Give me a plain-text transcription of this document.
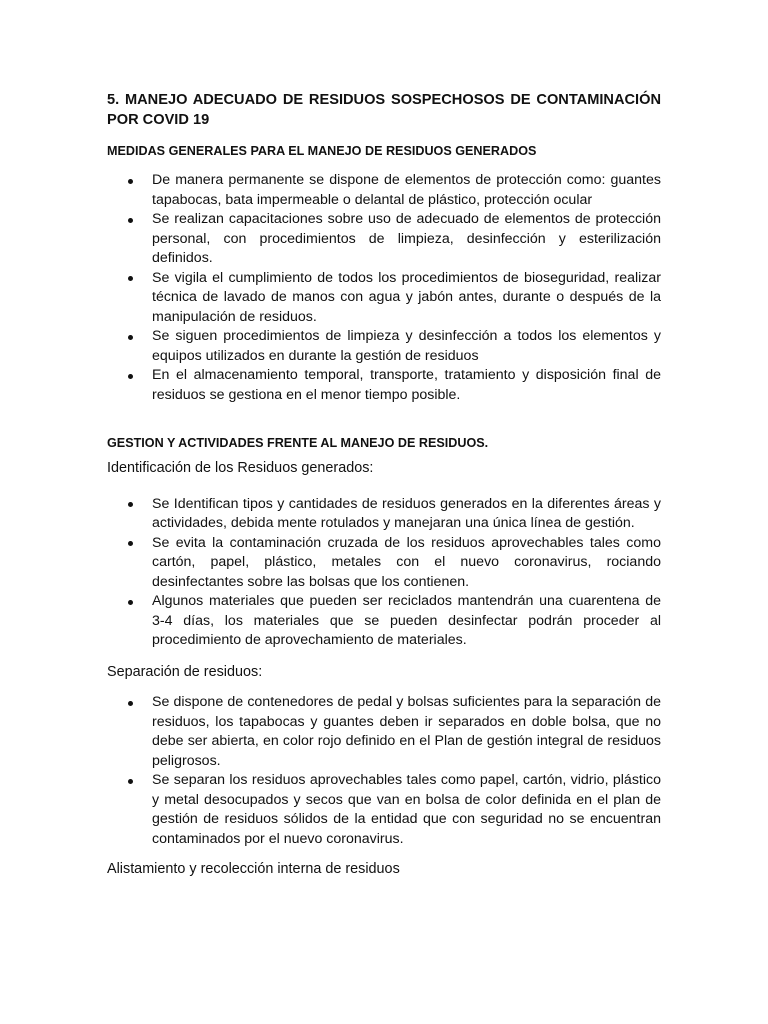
5. MANEJO ADECUADO DE RESIDUOS SOSPECHOSOS DE CONTAMINACIÓN POR COVID 19
MEDIDAS GENERALES PARA EL MANEJO DE RESIDUOS GENERADOS
De manera permanente se dispone de elementos de protección como: guantes tapabocas, bata impermeable o delantal de plástico, protección ocular
Se realizan capacitaciones sobre uso de adecuado de elementos de protección personal, con procedimientos de limpieza, desinfección y esterilización definidos.
Se vigila el cumplimiento de todos los procedimientos de bioseguridad, realizar técnica de lavado de manos con agua y jabón antes, durante o después de la manipulación de residuos.
Se siguen procedimientos de limpieza y desinfección a todos los elementos y equipos utilizados en durante la gestión de residuos
En el almacenamiento temporal, transporte, tratamiento y disposición final de residuos se gestiona en el menor tiempo posible.
GESTION Y ACTIVIDADES FRENTE AL MANEJO DE RESIDUOS.

Identificación de los Residuos generados:

Se Identifican tipos y cantidades de residuos generados en la diferentes áreas y actividades, debida mente rotulados y manejaran una única línea de gestión.
Se evita la contaminación cruzada de los residuos aprovechables tales como cartón, papel, plástico, metales con el nuevo coronavirus, rociando desinfectantes sobre las bolsas que los contienen.
Algunos materiales que pueden ser reciclados mantendrán una cuarentena de 3-4 días, los materiales que se pueden desinfectar podrán proceder al procedimiento de aprovechamiento de materiales.

Separación de residuos:

Se dispone de contenedores de pedal y bolsas suficientes para la separación de residuos, los tapabocas y guantes deben ir separados en doble bolsa, que no debe ser abierta, en color rojo definido en el Plan de gestión integral de residuos peligrosos.
Se separan los residuos aprovechables tales como papel, cartón, vidrio, plástico y metal desocupados y secos que van en bolsa de color definida en el plan de gestión de residuos sólidos de la entidad que con seguridad no se encuentran contaminados por el nuevo coronavirus.

Alistamiento y recolección interna de residuos
